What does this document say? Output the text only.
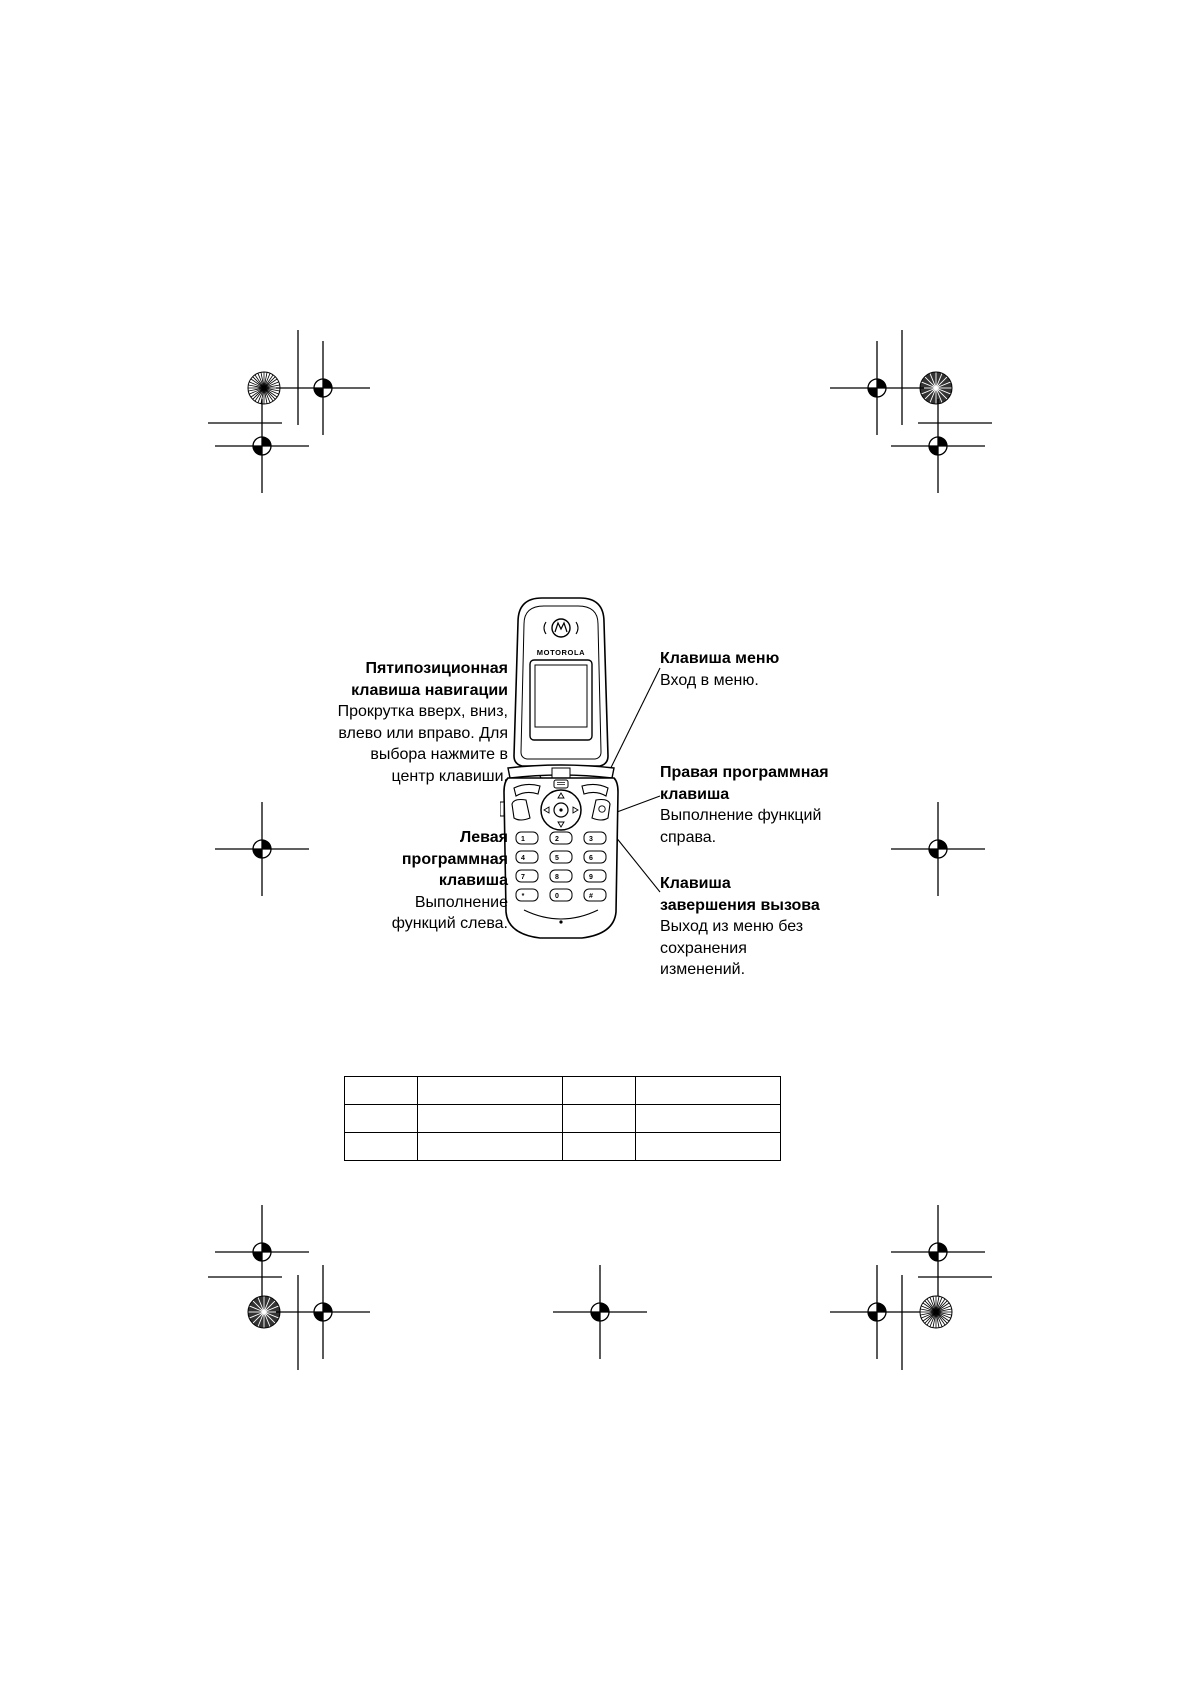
MOTOROLA
1	2	3
4	5	6
7	8	9
*	0	#
Пятипозиционная клавиша навигации
Прокрутка вверх, вниз, влево или вправо. Для выбора нажмите в центр клавиши.
Клавиша меню
Вход в меню.
Правая программная клавиша
Выполнение функций справа.
Левая программная клавиша
Выполнение функций слева.
Клавиша завершения вызова
Выход из меню без сохранения изменений.
